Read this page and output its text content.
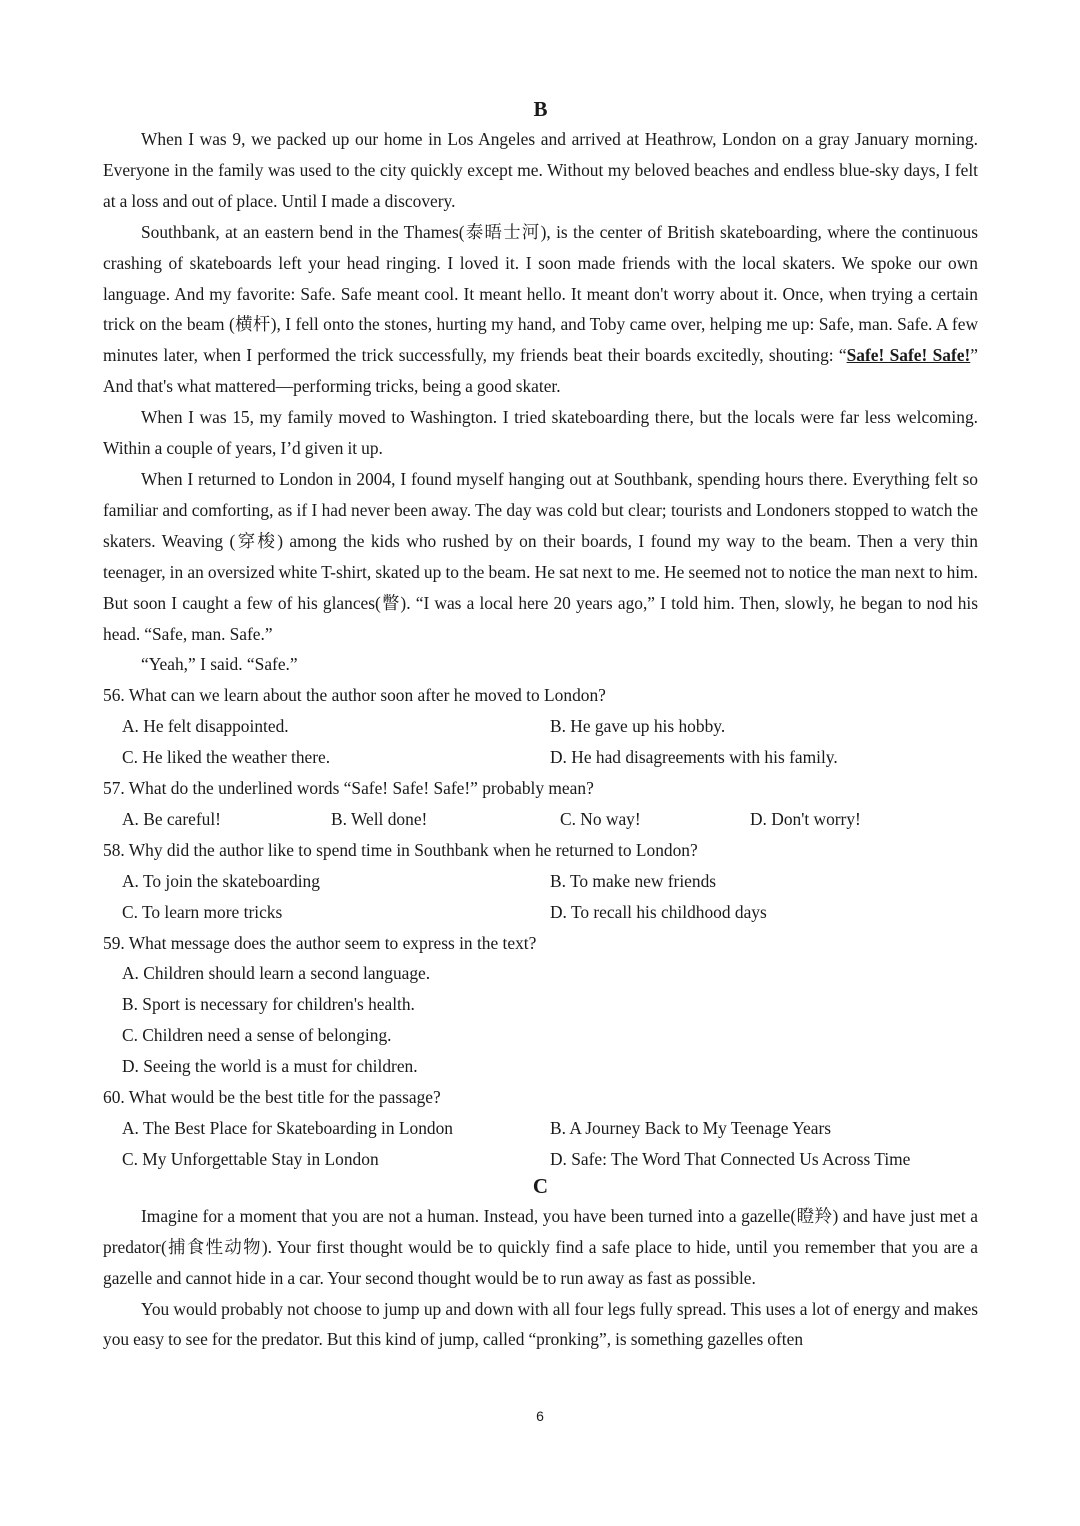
B

When I was 9, we packed up our home in Los Angeles and arrived at Heathrow, London on a gray January morning. Everyone in the family was used to the city quickly except me. Without my beloved beaches and endless blue-sky days, I felt at a loss and out of place. Until I made a discovery.

Southbank, at an eastern bend in the Thames(泰晤士河), is the center of British skateboarding, where the continuous crashing of skateboards left your head ringing. I loved it. I soon made friends with the local skaters. We spoke our own language. And my favorite: Safe. Safe meant cool. It meant hello. It meant don't worry about it. Once, when trying a certain trick on the beam (横杆), I fell onto the stones, hurting my hand, and Toby came over, helping me up: Safe, man. Safe. A few minutes later, when I performed the trick successfully, my friends beat their boards excitedly, shouting: “Safe! Safe! Safe!” And that's what mattered—performing tricks, being a good skater.

When I was 15, my family moved to Washington. I tried skateboarding there, but the locals were far less welcoming. Within a couple of years, I’d given it up.

When I returned to London in 2004, I found myself hanging out at Southbank, spending hours there. Everything felt so familiar and comforting, as if I had never been away. The day was cold but clear; tourists and Londoners stopped to watch the skaters. Weaving (穿梭) among the kids who rushed by on their boards, I found my way to the beam. Then a very thin teenager, in an oversized white T-shirt, skated up to the beam. He sat next to me. He seemed not to notice the man next to him. But soon I caught a few of his glances(瞥). “I was a local here 20 years ago,” I told him. Then, slowly, he began to nod his head. “Safe, man. Safe.”

“Yeah,” I said. “Safe.”

56. What can we learn about the author soon after he moved to London?

A. He felt disappointed.	B. He gave up his hobby.
C. He liked the weather there.	D. He had disagreements with his family.

57. What do the underlined words “Safe! Safe! Safe!” probably mean?

A. Be careful!	B. Well done!	C. No way!	D. Don't worry!

58. Why did the author like to spend time in Southbank when he returned to London?

A. To join the skateboarding	B. To make new friends
C. To learn more tricks	D. To recall his childhood days

59. What message does the author seem to express in the text?

A. Children should learn a second language.
B. Sport is necessary for children's health.
C. Children need a sense of belonging.
D. Seeing the world is a must for children.

60. What would be the best title for the passage?

A. The Best Place for Skateboarding in London	B. A Journey Back to My Teenage Years
C. My Unforgettable Stay in London	D. Safe: The Word That Connected Us Across Time

C

Imagine for a moment that you are not a human. Instead, you have been turned into a gazelle(瞪羚) and have just met a predator(捕食性动物). Your first thought would be to quickly find a safe place to hide, until you remember that you are a gazelle and cannot hide in a car. Your second thought would be to run away as fast as possible.

You would probably not choose to jump up and down with all four legs fully spread. This uses a lot of energy and makes you easy to see for the predator. But this kind of jump, called “pronking”, is something gazelles often

6
